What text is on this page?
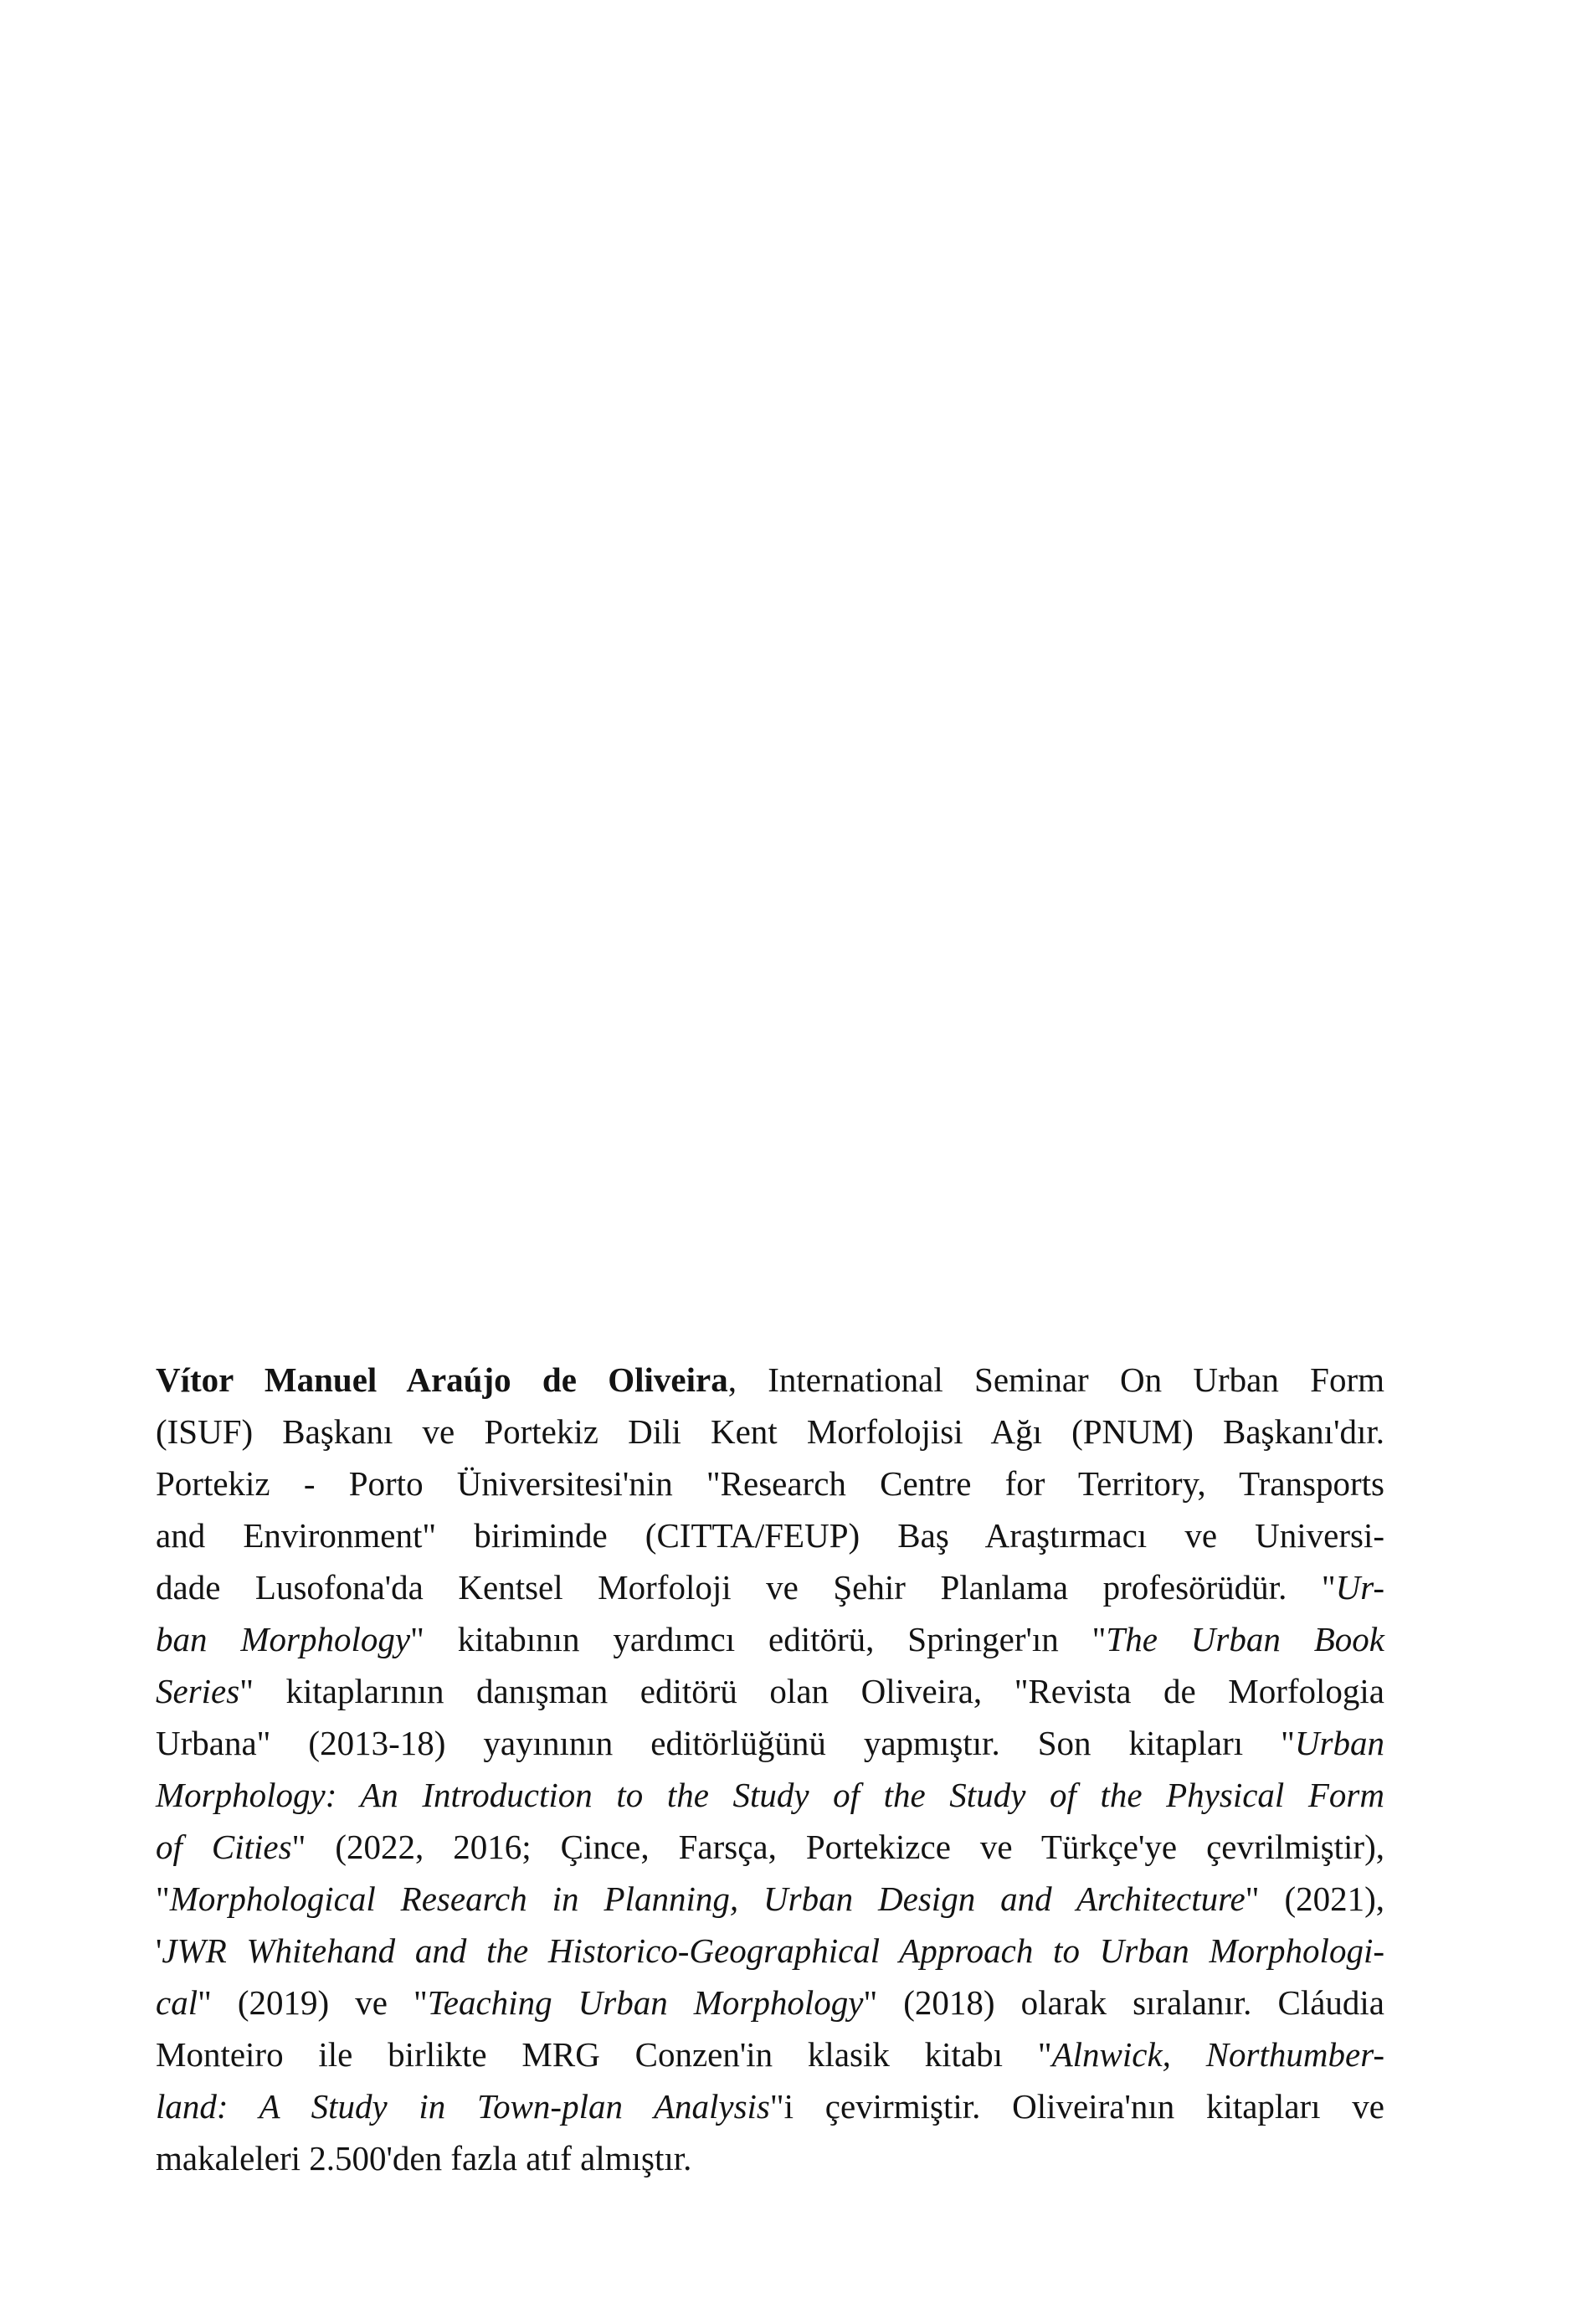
Vítor Manuel Araújo de Oliveira, International Seminar On Urban Form
(ISUF) Başkanı ve Portekiz Dili Kent Morfolojisi Ağı (PNUM) Başkanı'dır.
Portekiz - Porto Üniversitesi'nin "Research Centre for Territory, Transports
and Environment" biriminde (CITTA/FEUP) Baş Araştırmacı ve Universi-
dade Lusofona'da Kentsel Morfoloji ve Şehir Planlama profesörüdür. "Ur-
ban Morphology" kitabının yardımcı editörü, Springer'ın "The Urban Book
Series" kitaplarının danışman editörü olan Oliveira, "Revista de Morfologia
Urbana" (2013-18) yayınının editörlüğünü yapmıştır. Son kitapları "Urban
Morphology: An Introduction to the Study of the Study of the Physical Form
of Cities" (2022, 2016; Çince, Farsça, Portekizce ve Türkçe'ye çevrilmiştir),
"Morphological Research in Planning, Urban Design and Architecture" (2021),
'JWR Whitehand and the Historico-Geographical Approach to Urban Morphologi-
cal" (2019) ve "Teaching Urban Morphology" (2018) olarak sıralanır. Cláudia
Monteiro ile birlikte MRG Conzen'in klasik kitabı "Alnwick, Northumber-
land: A Study in Town-plan Analysis"i çevirmiştir. Oliveira'nın kitapları ve
makaleleri 2.500'den fazla atıf almıştır.
